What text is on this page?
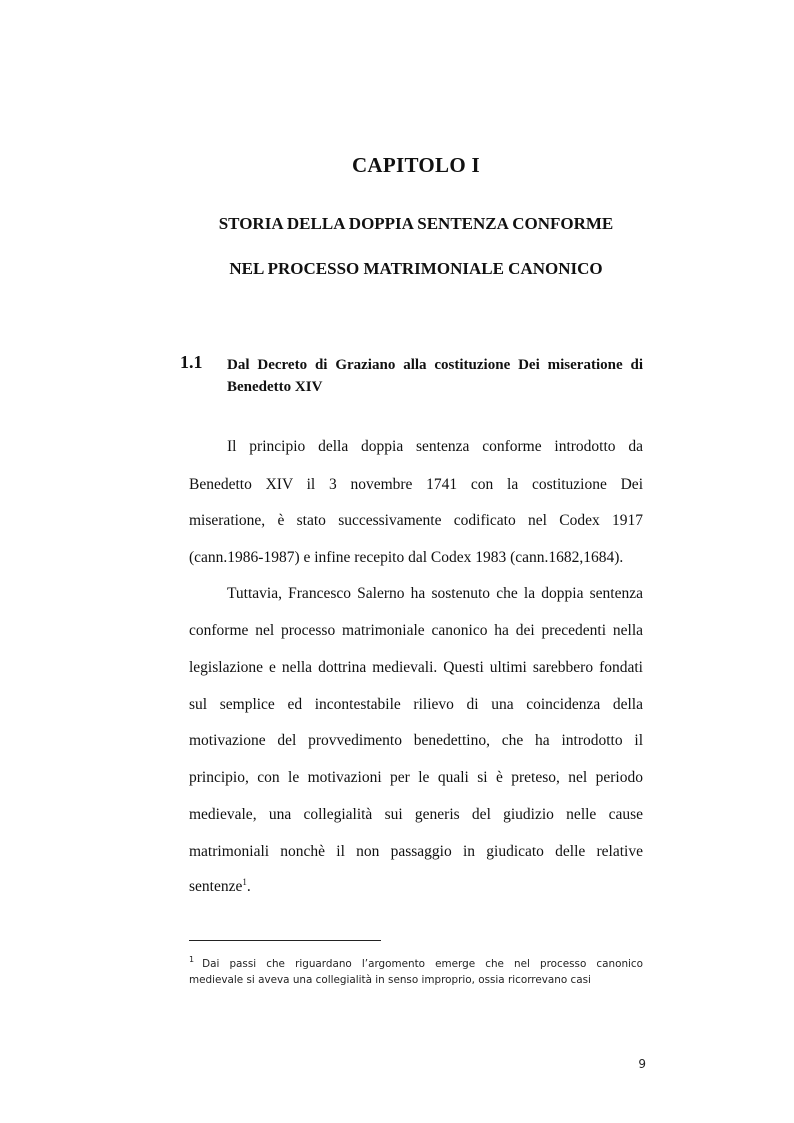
CAPITOLO I
STORIA DELLA DOPPIA SENTENZA CONFORME
NEL PROCESSO MATRIMONIALE CANONICO
1.1 Dal Decreto di Graziano alla costituzione Dei miseratione di
Benedetto XIV
Il principio della doppia sentenza conforme introdotto da
Benedetto XIV il 3 novembre 1741 con la costituzione Dei
miseratione, è stato successivamente codificato nel Codex 1917
(cann.1986-1987) e infine recepito dal Codex 1983 (cann.1682,1684).
Tuttavia, Francesco Salerno ha sostenuto che la doppia sentenza
conforme nel processo matrimoniale canonico ha dei precedenti nella
legislazione e nella dottrina medievali. Questi ultimi sarebbero fondati
sul semplice ed incontestabile rilievo di una coincidenza della
motivazione del provvedimento benedettino, che ha introdotto il
principio, con le motivazioni per le quali si è preteso, nel periodo
medievale, una collegialità sui generis del giudizio nelle cause
matrimoniali nonchè il non passaggio in giudicato delle relative
sentenze$^1$.
$^1$ Dai passi che riguardano l’argomento emerge che nel processo canonico
medievale si aveva una collegialità in senso improprio, ossia ricorrevano casi
9
